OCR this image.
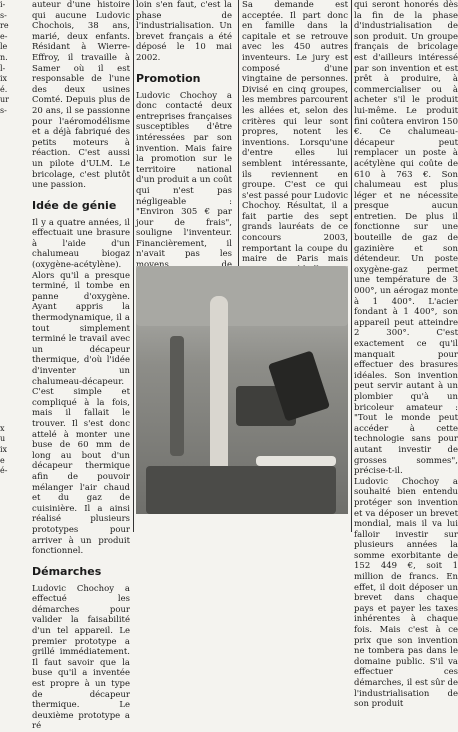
i-

s-

re

e-

le

n.

l-

ix

é.

ur

s-

x

u

ix

e

é-

auteur d'une histoire qui aucune Ludovic Chochois, 38 ans, marié, deux enfants. Résidant à Wierre-Effroy, il travaille à Samer où il est responsable de l'une des deux usines Comté. Depuis plus de 20 ans, il se passionne pour l'aéromodélisme et a déjà fabriqué des petits moteurs à réaction. C'est aussi un pilote d'ULM. Le bricolage, c'est plutôt une passion.
Idée de génie
Il y a quatre années, il effectuait une brasure à l'aide d'un chalumeau biogaz (oxygène-acétylène). Alors qu'il a presque terminé, il tombe en panne d'oxygène. Ayant appris la thermodynamique, il a tout simplement terminé le travail avec un décapeur thermique, d'où l'idée d'inventer un chalumeau-décapeur. C'est simple et compliqué à la fois, mais il fallait le trouver. Il s'est donc attelé à monter une buse de 60 mm de long au bout d'un décapeur thermique afin de pouvoir mélanger l'air chaud et du gaz de cuisinière. Il a ainsi réalisé plusieurs prototypes pour arriver à un produit fonctionnel.
Démarches
Ludovic Chochoy a effectué les démarches pour valider la faisabilité d'un tel appareil. Le premier prototype a grillé immédiatement. Il faut savoir que la buse qu'il a inventée est propre à un type de décapeur thermique. Le deuxième prototype a ré
loin s'en faut, c'est la phase de l'industrialisation. Un brevet français a été déposé le 10 mai 2002.
Promotion
Ludovic Chochoy a donc contacté deux entreprises françaises susceptibles d'être intéressées par son invention. Mais faire la promotion sur le territoire national d'un produit a un coût qui n'est pas négligeable : "Environ 305 € par jour de frais", souligne l'inventeur. Financièrement, il n'avait pas les
Sa demande est acceptée. Il part donc en famille dans la capitale et se retrouve avec les 450 autres inventeurs. Le jury est composé d'une vingtaine de personnes. Divisé en cinq groupes, les membres parcourent les allées et, selon des critères qui leur sont propres, notent les inventions. Lorsqu'une d'entre elles lui semblent intéressante, ils reviennent en groupe. C'est ce qui s'est passé pour Ludovic Chochoy. Résultat, il a fait partie des sept grands lauréats de ce concours 2003, remportant la coupe du maire de Paris mais
qui seront honorés dès la fin de la phase d'industrialisation de son produit. Un groupe français de bricolage est d'ailleurs intéressé par son invention et est prêt à produire, à commercialiser ou à acheter s'il le produit lui-même. Le produit fini coûtera environ 150 €. Ce chalumeau-décapeur peut remplacer un poste à acétylène qui coûte de 610 à 763 €. Son chalumeau est plus léger et ne nécessite presque aucun entretien. De plus il fonctionne sur une bouteille de gaz de gazinière et son détendeur. Un poste oxygène-gaz permet une température de 3 000°, un aérogaz monte à 1 400°. L'acier fondant à 1 400°, son appareil peut atteindre 2 300°. C'est exactement ce qu'il manquait pour effectuer des brasures idéales. Son invention peut servir autant à un plombier qu'à un bricoleur amateur : "Tout le monde peut accéder à cette technologie sans pour autant investir de grosses sommes", précise-t-il.
Ludovic Chochoy a souhaité bien entendu protéger son invention et va déposer un brevet mondial, mais il va lui falloir investir sur plusieurs années la somme exorbitante de 152 449 €, soit 1 million de francs. En effet, il doit déposer un brevet dans chaque pays et payer les taxes inhérentes à chaque fois. Mais c'est à ce prix que son invention ne tombera pas dans le domaine public. S'il va effectuer ces démarches, il est sûr de l'industrialisation de son produit
